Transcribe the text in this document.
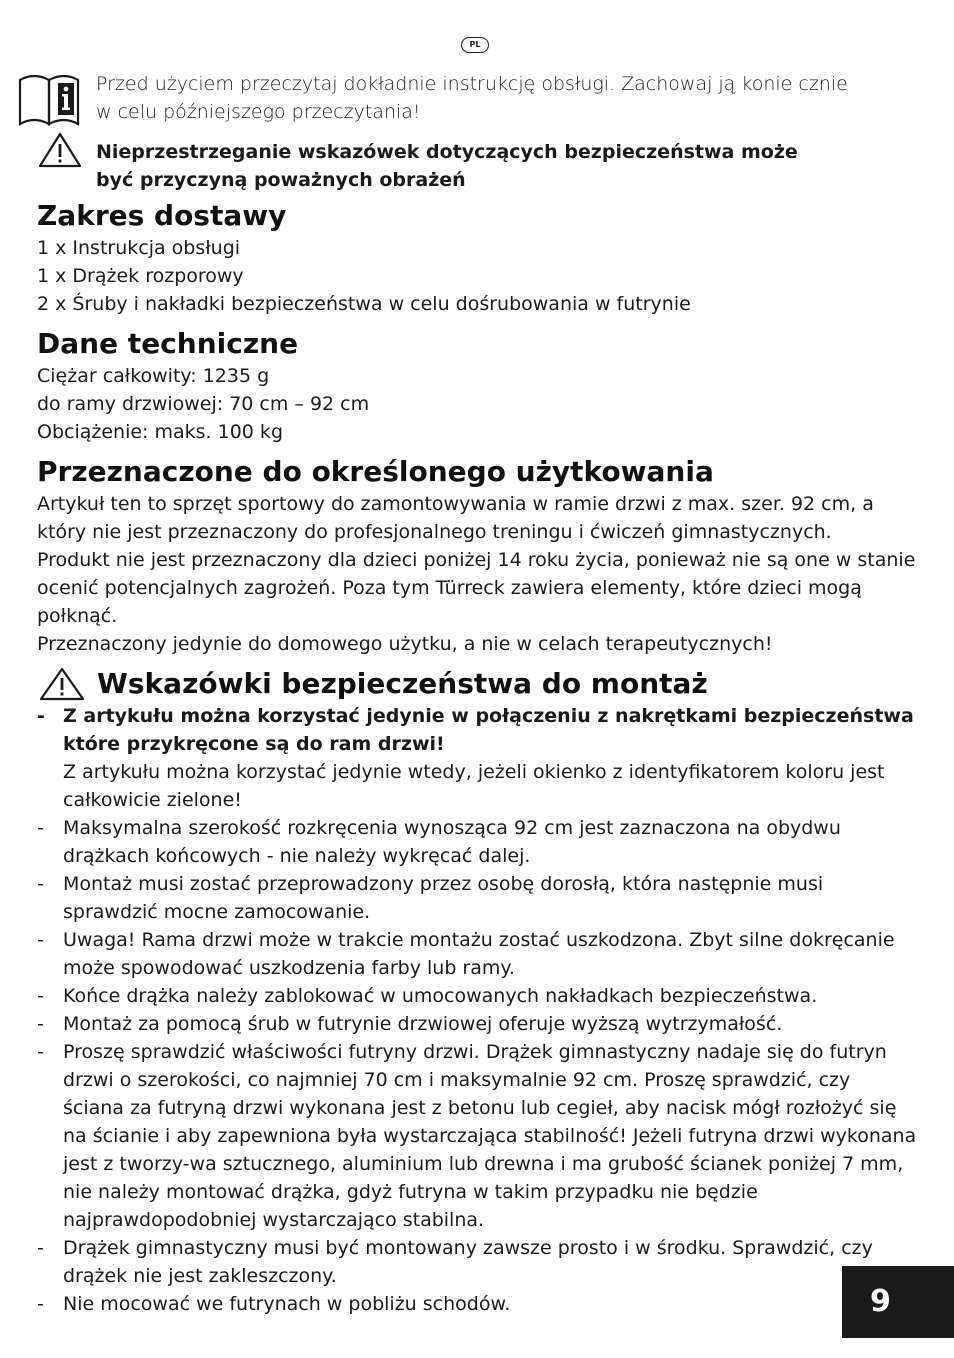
PL
Przed użyciem przeczytaj dokładnie instrukcję obsługi. Zachowaj ją konie cznie
w celu późniejszego przeczytania!
Nieprzestrzeganie wskazówek dotyczących bezpieczeństwa może
być przyczyną poważnych obrażeń
Zakres dostawy

1 x Instrukcja obsługi

1 x Drążek rozporowy

2 x Śruby i nakładki bezpieczeństwa w celu dośrubowania w futrynie

Dane techniczne

Ciężar całkowity: 1235 g

do ramy drzwiowej: 70 cm – 92 cm

Obciążenie: maks. 100 kg

Przeznaczone do określonego użytkowania

Artykuł ten to sprzęt sportowy do zamontowywania w ramie drzwi z max. szer. 92 cm, a który nie jest przeznaczony do profesjonalnego treningu i ćwiczeń gimnastycznych.

Produkt nie jest przeznaczony dla dzieci poniżej 14 roku życia, ponieważ nie są one w stanie ocenić potencjalnych zagrożeń. Poza tym Türreck zawiera elementy, które dzieci mogą połknąć.

Przeznaczony jedynie do domowego użytku, a nie w celach terapeutycznych!

Wskazówki bezpieczeństwa do montaż
- Z artykułu można korzystać jedynie w połączeniu z nakrętkami bezpieczeństwa które przykręcone są do ram drzwi!
Z artykułu można korzystać jedynie wtedy, jeżeli okienko z identyfikatorem koloru jest całkowicie zielone!
- Maksymalna szerokość rozkręcenia wynosząca 92 cm jest zaznaczona na obydwu drążkach końcowych - nie należy wykręcać dalej.
- Montaż musi zostać przeprowadzony przez osobę dorosłą, która następnie musi sprawdzić mocne zamocowanie.
- Uwaga! Rama drzwi może w trakcie montażu zostać uszkodzona. Zbyt silne dokręcanie może spowodować uszkodzenia farby lub ramy.
- Końce drążka należy zablokować w umocowanych nakładkach bezpieczeństwa.
- Montaż za pomocą śrub w futrynie drzwiowej oferuje wyższą wytrzymałość.
- Proszę sprawdzić właściwości futryny drzwi. Drążek gimnastyczny nadaje się do futryn drzwi o szerokości, co najmniej 70 cm i maksymalnie 92 cm. Proszę sprawdzić, czy ściana za futryną drzwi wykonana jest z betonu lub cegieł, aby nacisk mógł rozłożyć się na ścianie i aby zapewniona była wystarczająca stabilność! Jeżeli futryna drzwi wykonana jest z tworzy-wa sztucznego, aluminium lub drewna i ma grubość ścianek poniżej 7 mm, nie należy montować drążka, gdyż futryna w takim przypadku nie będzie najprawdopodobniej wystarczająco stabilna.
- Drążek gimnastyczny musi być montowany zawsze prosto i w środku. Sprawdzić, czy drążek nie jest zakleszczony.
- Nie mocować we futrynach w pobliżu schodów.	9
